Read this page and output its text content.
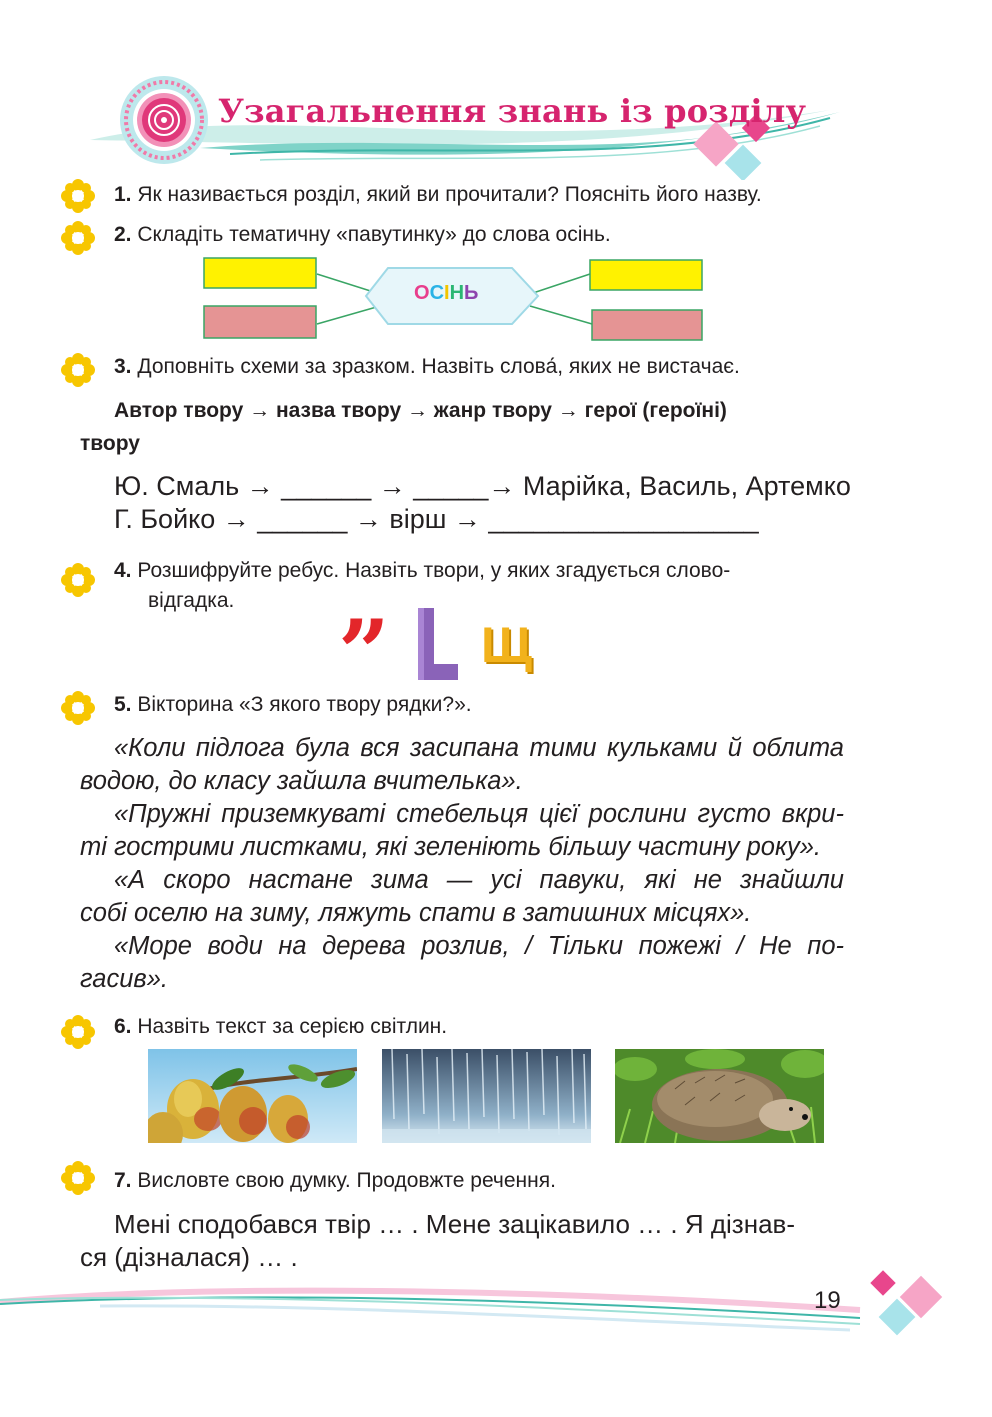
Узагальнення знань із розділу
1. Як називається розділ, який ви прочитали? Поясніть його назву.
2. Складіть тематичну «павутинку» до слова осінь.
ОСІНЬ
3. Доповніть схеми за зразком. Назвіть слова́, яких не вистачає.
Автор твору → назва твору → жанр твору → герої (героїні)
твору
Ю. Смаль → ______ → _____→ Марійка, Василь, Артемко
Г. Бойко → ______ → вірш → __________________
4. Розшифруйте ребус. Назвіть твори, у яких згадується слово-
відгадка. ” Щ
5. Вікторина «З якого твору рядки?».
«Коли підлога була вся засипана тими кульками й облита
водою, до класу зайшла вчителька».
«Пружні приземкуваті стебельця цієї рослини густо вкри-
ті гострими листками, які зеленіють більшу частину року».
«А скоро настане зима — усі павуки, які не знайшли
собі оселю на зиму, ляжуть спати в затишних місцях».
«Море води на дерева розлив, / Тільки пожежі / Не по-
гасив».
6. Назвіть текст за серією світлин.
7. Висловте свою думку. Продовжте речення.
Мені сподобався твір … . Мене зацікавило … . Я дізнав-
ся (дізналася) … .
19
